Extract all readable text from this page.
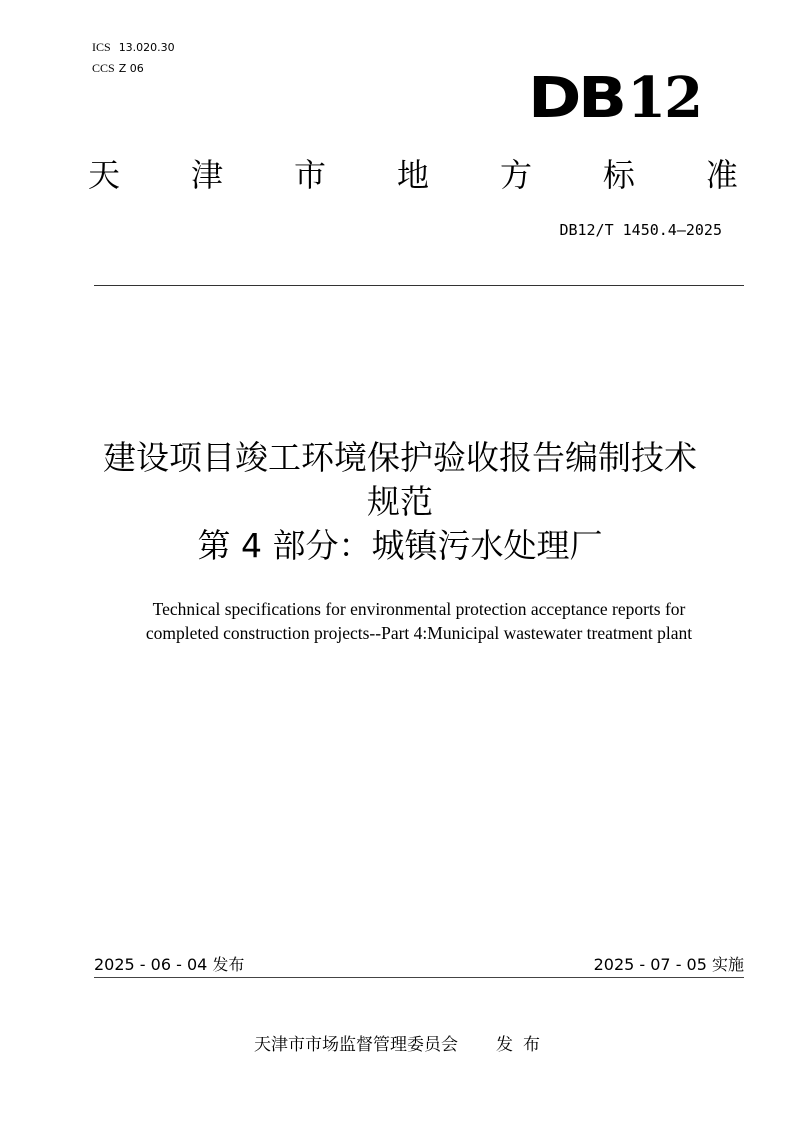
ICS 13.020.30
CCS Z 06	DB12
天 津 市 地 方 标 准
DB12/T 1450.4—2025
建设项目竣工环境保护验收报告编制技术
规范
第 4 部分：城镇污水处理厂
Technical specifications for environmental protection acceptance reports for
completed construction projects--Part 4:Municipal wastewater treatment plant
2025 - 06 - 04 发布	2025 - 07 - 05 实施
天津市市场监督管理委员会 发布
